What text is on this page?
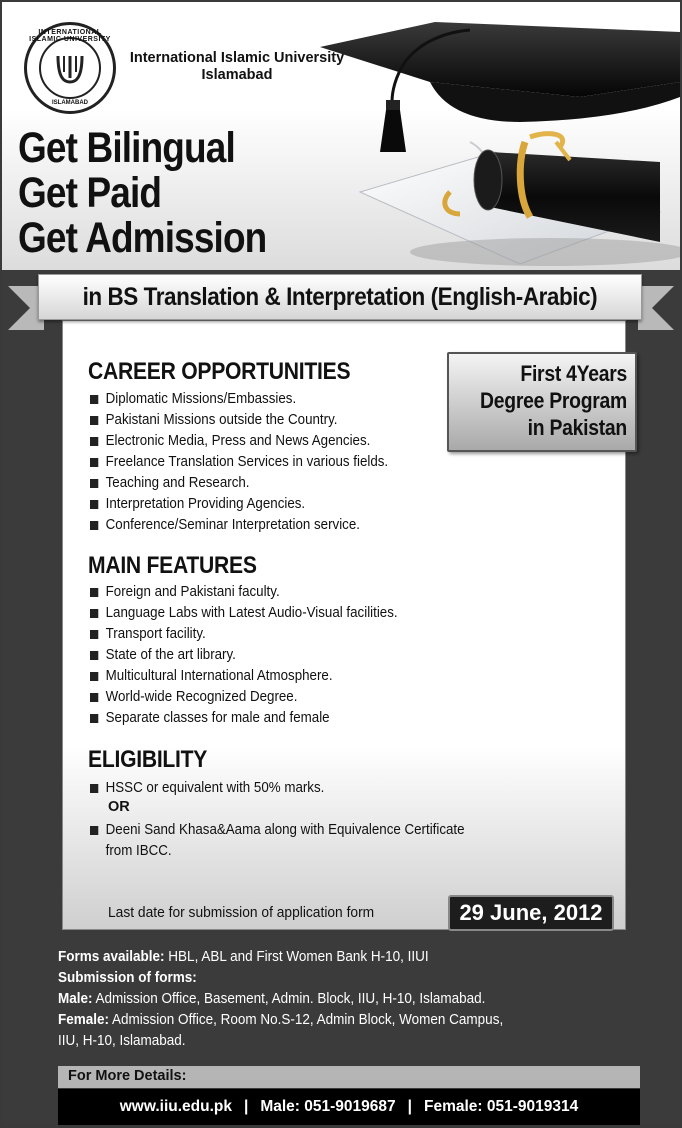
INTERNATIONAL ISLAMIC UNIVERSITY
ISLAMABAD
International Islamic University
Islamabad
Get Bilingual
Get Paid
Get Admission
in BS Translation & Interpretation (English-Arabic)
First 4Years
Degree Program
in Pakistan
CAREER OPPORTUNITIES
Diplomatic Missions/Embassies.
Pakistani Missions outside the Country.
Electronic Media, Press and News Agencies.
Freelance Translation Services in various fields.
Teaching and Research.
Interpretation Providing Agencies.
Conference/Seminar Interpretation service.
MAIN FEATURES
Foreign and Pakistani faculty.
Language Labs with Latest Audio-Visual facilities.
Transport facility.
State of the art library.
Multicultural International Atmosphere.
World-wide Recognized Degree.
Separate classes for male and female
ELIGIBILITY
HSSC or equivalent with 50% marks.
OR
Deeni Sand Khasa&Aama along with Equivalence Certificate
from IBCC.
Last date for submission of application form	29 June, 2012
Forms available: HBL, ABL and First Women Bank H-10, IIUI
Submission of forms:
Male: Admission Office, Basement, Admin. Block, IIU, H-10, Islamabad.
Female: Admission Office, Room No.S-12, Admin Block, Women Campus,
IIU, H-10, Islamabad.
For More Details:
www.iiu.edu.pk | Male: 051-9019687 | Female: 051-9019314
